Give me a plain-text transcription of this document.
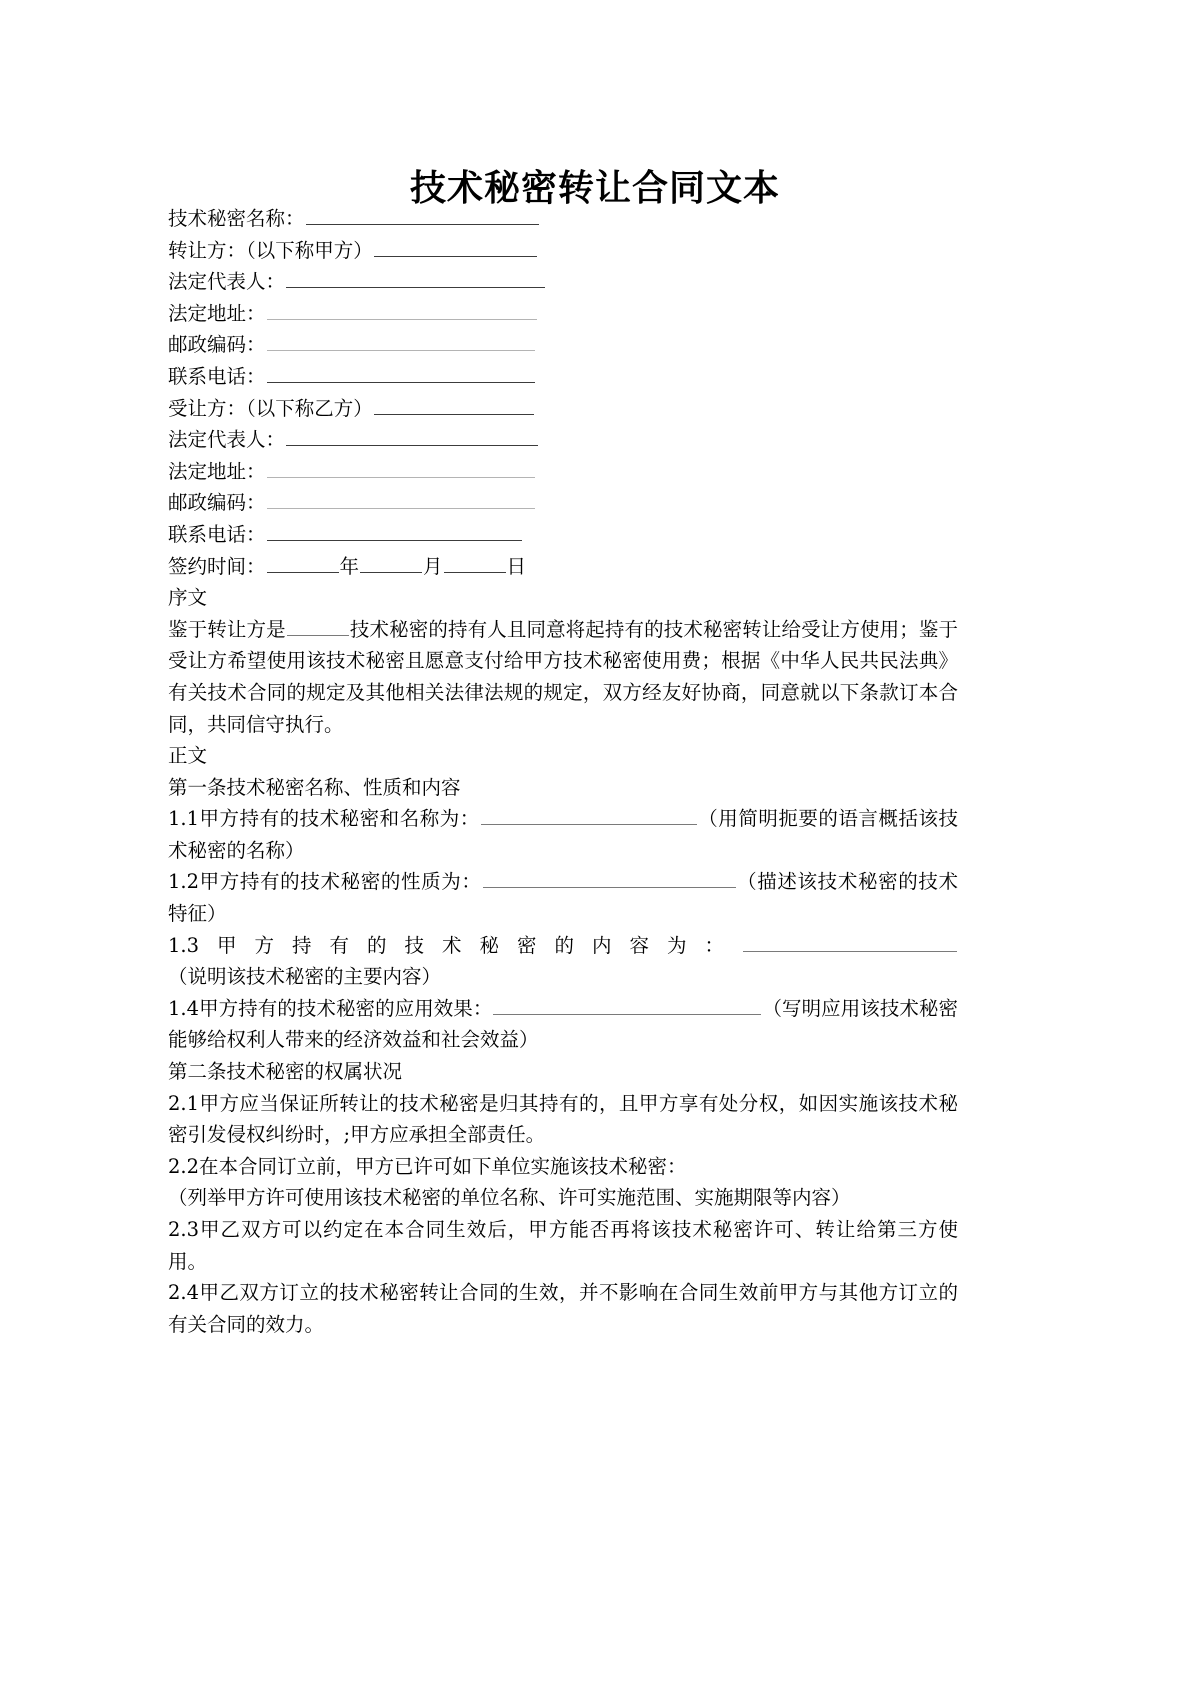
技术秘密转让合同文本
技术秘密名称：
转让方：（以下称甲方）
法定代表人：
法定地址：
邮政编码：
联系电话：
受让方：（以下称乙方）
法定代表人：
法定地址：
邮政编码：
联系电话：
签约时间：	年	月	日
序文
鉴于转让方是	技术秘密的持有人且同意将起持有的技术秘密转让给受让方使用；鉴于受让方希望使用该技术秘密且愿意支付给甲方技术秘密使用费；根据《中华人民共民法典》有关技术合同的规定及其他相关法律法规的规定，双方经友好协商，同意就以下条款订本合同，共同信守执行。
正文
第一条技术秘密名称、性质和内容
1.1甲方持有的技术秘密和名称为：	（用简明扼要的语言概括该技术秘密的名称）
1.2甲方持有的技术秘密的性质为：	（描述该技术秘密的技术特征）
1.3甲方持有的技术秘密的内容为：（说明该技术秘密的主要内容）
1.4甲方持有的技术秘密的应用效果：	（写明应用该技术秘密能够给权利人带来的经济效益和社会效益）
第二条技术秘密的权属状况
2.1甲方应当保证所转让的技术秘密是归其持有的，且甲方享有处分权，如因实施该技术秘密引发侵权纠纷时，;甲方应承担全部责任。
2.2在本合同订立前，甲方已许可如下单位实施该技术秘密：
（列举甲方许可使用该技术秘密的单位名称、许可实施范围、实施期限等内容）
2.3甲乙双方可以约定在本合同生效后，甲方能否再将该技术秘密许可、转让给第三方使用。
2.4甲乙双方订立的技术秘密转让合同的生效，并不影响在合同生效前甲方与其他方订立的有关合同的效力。
